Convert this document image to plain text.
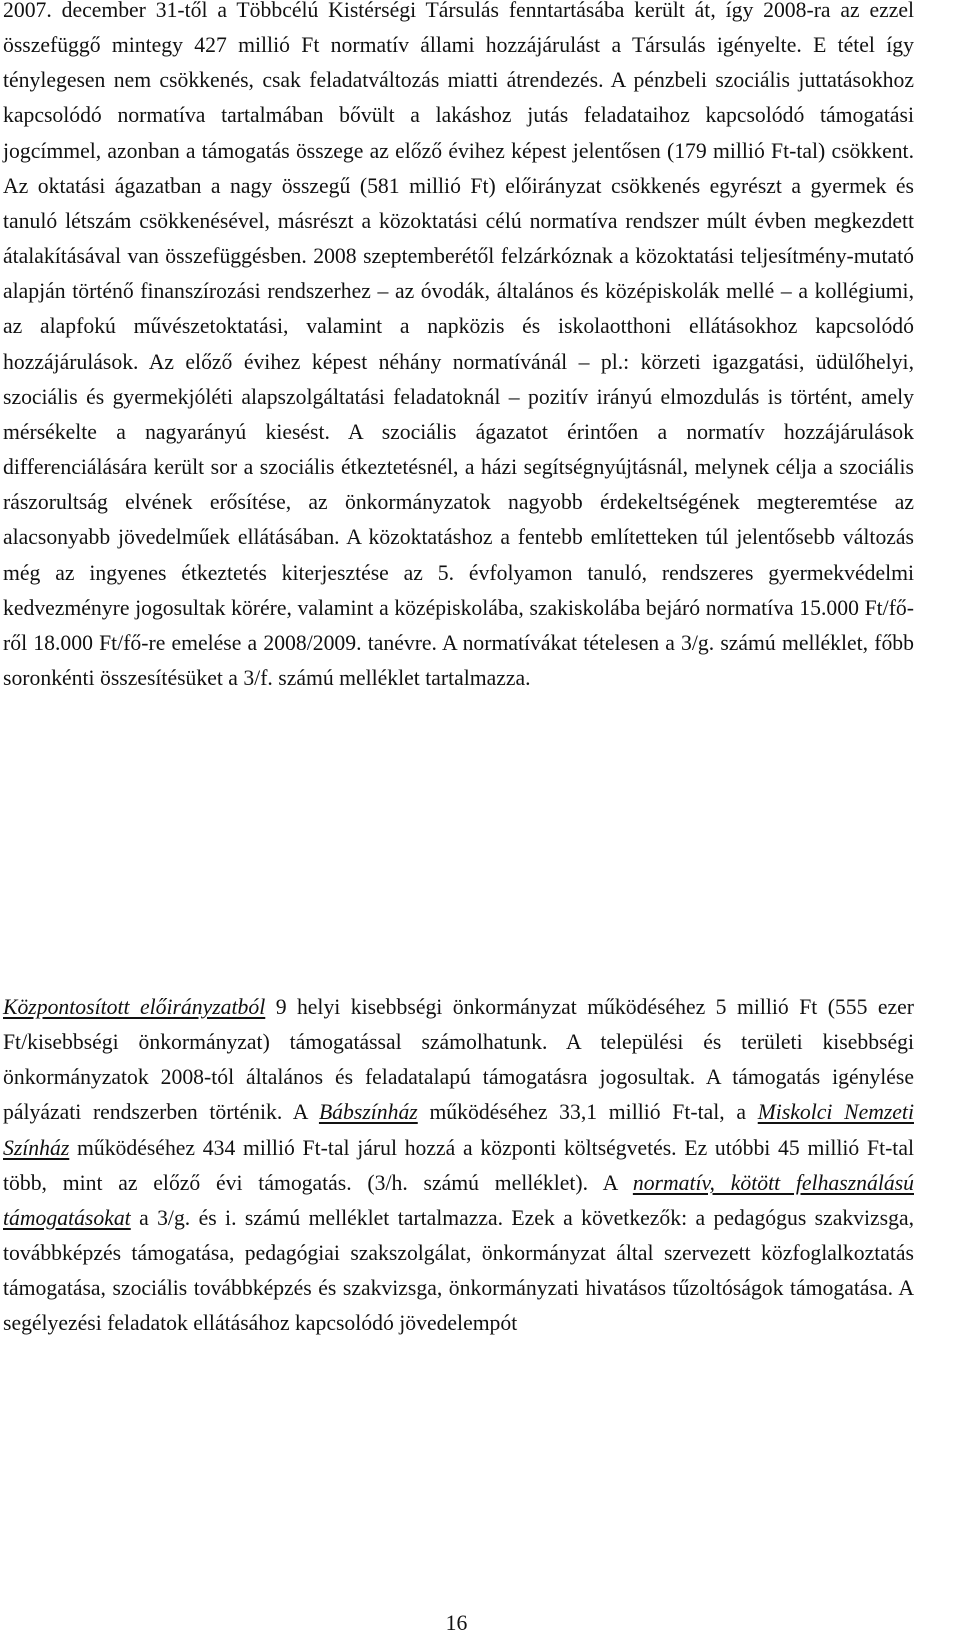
2007. december 31-től a Többcélú Kistérségi Társulás fenntartásába került át, így 2008-ra az ezzel összefüggő mintegy 427 millió Ft normatív állami hozzájárulást a Társulás igényelte. E tétel így ténylegesen nem csökkenés, csak feladatváltozás miatti átrendezés. A pénzbeli szociális juttatásokhoz kapcsolódó normatíva tartalmában bővült a lakáshoz jutás feladataihoz kapcsolódó támogatási jogcímmel, azonban a támogatás összege az előző évihez képest jelentősen (179 millió Ft-tal) csökkent. Az oktatási ágazatban a nagy összegű (581 millió Ft) előirányzat csökkenés egyrészt a gyermek és tanuló létszám csökkenésével, másrészt a közoktatási célú normatíva rendszer múlt évben megkezdett átalakításával van összefüggésben. 2008 szeptemberétől felzárkóznak a közoktatási teljesítmény-mutató alapján történő finanszírozási rendszerhez – az óvodák, általános és középiskolák mellé – a kollégiumi, az alapfokú művészetoktatási, valamint a napközis és iskolaotthoni ellátásokhoz kapcsolódó hozzájárulások. Az előző évihez képest néhány normatívánál – pl.: körzeti igazgatási, üdülőhelyi, szociális és gyermekjóléti alapszolgáltatási feladatoknál – pozitív irányú elmozdulás is történt, amely mérsékelte a nagyarányú kiesést. A szociális ágazatot érintően a normatív hozzájárulások differenciálására került sor a szociális étkeztetésnél, a házi segítségnyújtásnál, melynek célja a szociális rászorultság elvének erősítése, az önkormányzatok nagyobb érdekeltségének megteremtése az alacsonyabb jövedelműek ellátásában. A közoktatáshoz a fentebb említetteken túl jelentősebb változás még az ingyenes étkeztetés kiterjesztése az 5. évfolyamon tanuló, rendszeres gyermekvédelmi kedvezményre jogosultak körére, valamint a középiskolába, szakiskolába bejáró normatíva 15.000 Ft/fő-ről 18.000 Ft/fő-re emelése a 2008/2009. tanévre. A normatívákat tételesen a 3/g. számú melléklet, főbb soronkénti összesítésüket a 3/f. számú melléklet tartalmazza.

Központosított előirányzatból 9 helyi kisebbségi önkormányzat működéséhez 5 millió Ft (555 ezer Ft/kisebbségi önkormányzat) támogatással számolhatunk. A települési és területi kisebbségi önkormányzatok 2008-tól általános és feladatalapú támogatásra jogosultak. A támogatás igénylése pályázati rendszerben történik. A Bábszínház működéséhez 33,1 millió Ft-tal, a Miskolci Nemzeti Színház működéséhez 434 millió Ft-tal járul hozzá a központi költségvetés. Ez utóbbi 45 millió Ft-tal több, mint az előző évi támogatás. (3/h. számú melléklet). A normatív, kötött felhasználású támogatásokat a 3/g. és i. számú melléklet tartalmazza. Ezek a következők: a pedagógus szakvizsga, továbbképzés támogatása, pedagógiai szakszolgálat, önkormányzat által szervezett közfoglalkoztatás támogatása, szociális továbbképzés és szakvizsga, önkormányzati hivatásos tűzoltóságok támogatása. A segélyezési feladatok ellátásához kapcsolódó jövedelempót

16
